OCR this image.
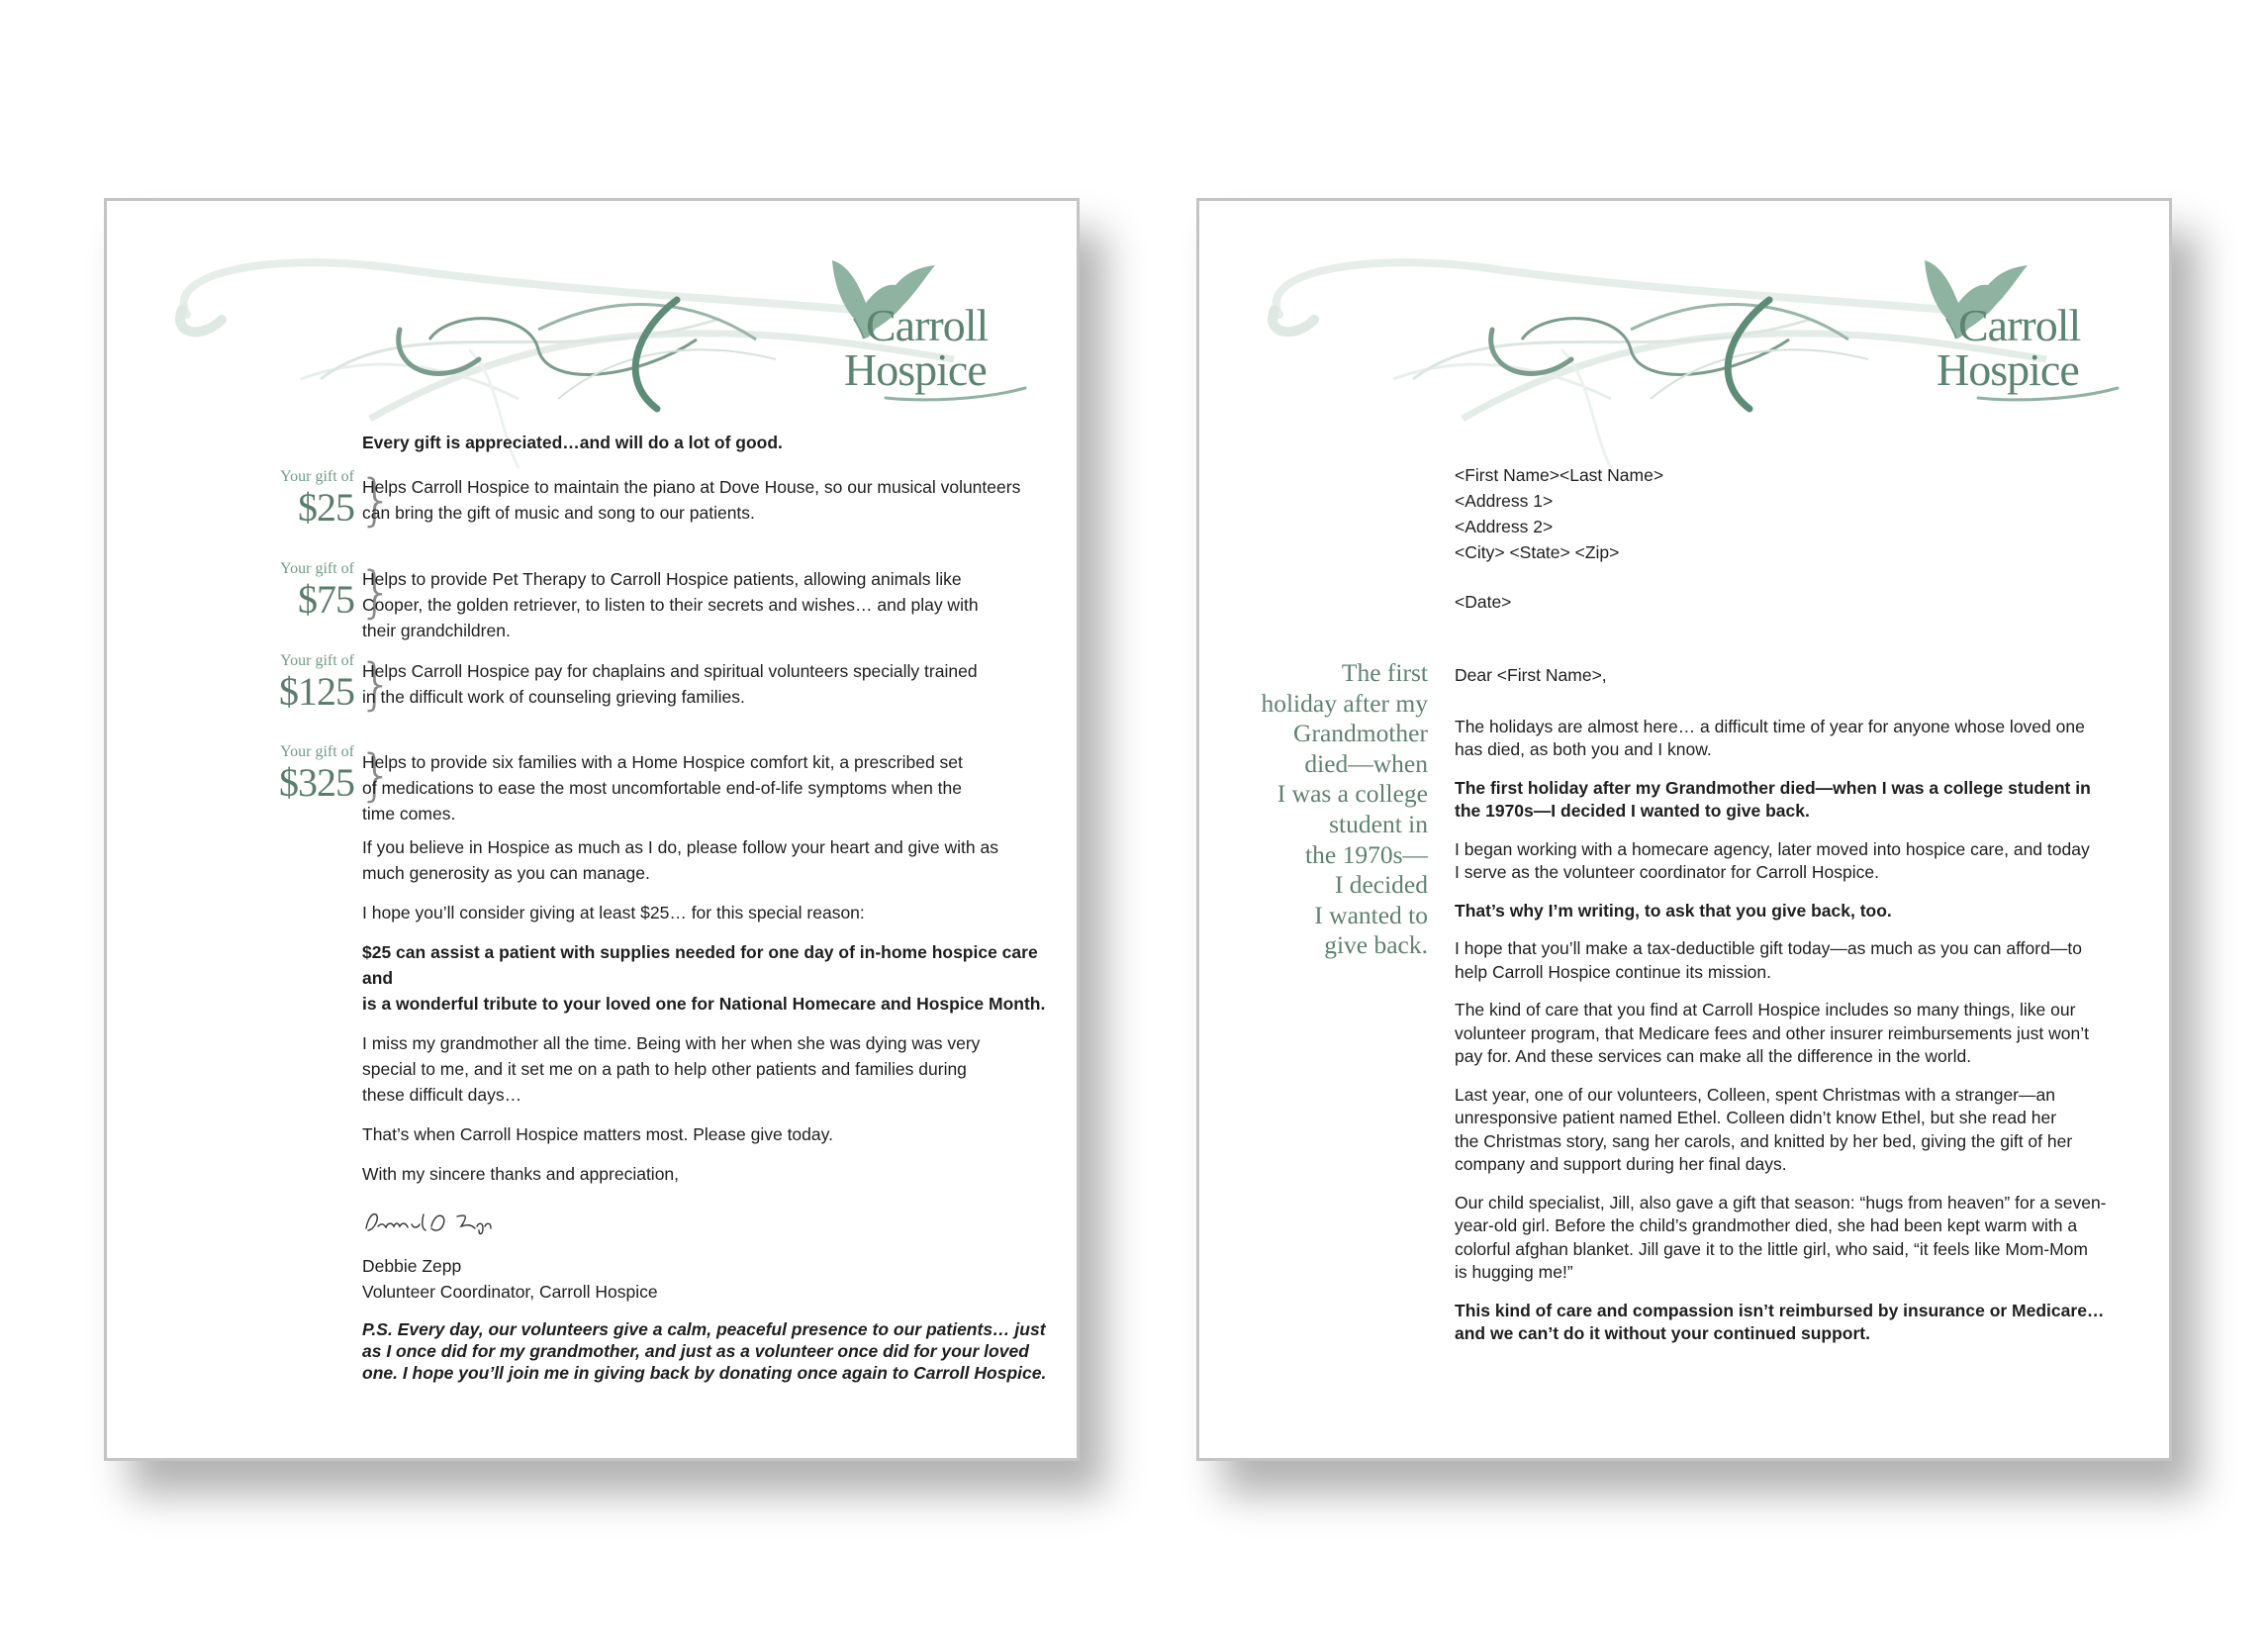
Carroll
Hospice
Every gift is appreciated…and will do a lot of good.
Your gift of
$25 }
Helps Carroll Hospice to maintain the piano at Dove House, so our musical volunteers
can bring the gift of music and song to our patients.
Your gift of
$75 }
Helps to provide Pet Therapy to Carroll Hospice patients, allowing animals like
Cooper, the golden retriever, to listen to their secrets and wishes… and play with
their grandchildren.
Your gift of
$125 }
Helps Carroll Hospice pay for chaplains and spiritual volunteers specially trained
in the difficult work of counseling grieving families.
Your gift of
$325 }
Helps to provide six families with a Home Hospice comfort kit, a prescribed set
of medications to ease the most uncomfortable end-of-life symptoms when the
time comes.

If you believe in Hospice as much as I do, please follow your heart and give with as
much generosity as you can manage.

I hope you’ll consider giving at least $25… for this special reason:

$25 can assist a patient with supplies needed for one day of in-home hospice care and
is a wonderful tribute to your loved one for National Homecare and Hospice Month.

I miss my grandmother all the time. Being with her when she was dying was very
special to me, and it set me on a path to help other patients and families during
these difficult days…

That’s when Carroll Hospice matters most. Please give today.

With my sincere thanks and appreciation,

Debbie Zepp
Volunteer Coordinator, Carroll Hospice

P.S. Every day, our volunteers give a calm, peaceful presence to our patients… just
as I once did for my grandmother, and just as a volunteer once did for your loved
one. I hope you’ll join me in giving back by donating once again to Carroll Hospice.

Carroll
Hospice
<First Name><Last Name>
<Address 1>
<Address 2>
<City> <State> <Zip>
<Date>
The first
holiday after my
Grandmother
died—when
I was a college
student in
the 1970s—
I decided
I wanted to
give back.

Dear <First Name>,

The holidays are almost here… a difficult time of year for anyone whose loved one
has died, as both you and I know.

The first holiday after my Grandmother died—when I was a college student in
the 1970s—I decided I wanted to give back.

I began working with a homecare agency, later moved into hospice care, and today
I serve as the volunteer coordinator for Carroll Hospice.

That’s why I’m writing, to ask that you give back, too.

I hope that you’ll make a tax-deductible gift today—as much as you can afford—to
help Carroll Hospice continue its mission.

The kind of care that you find at Carroll Hospice includes so many things, like our
volunteer program, that Medicare fees and other insurer reimbursements just won’t
pay for. And these services can make all the difference in the world.

Last year, one of our volunteers, Colleen, spent Christmas with a stranger—an
unresponsive patient named Ethel. Colleen didn’t know Ethel, but she read her
the Christmas story, sang her carols, and knitted by her bed, giving the gift of her
company and support during her final days.

Our child specialist, Jill, also gave a gift that season: “hugs from heaven” for a seven-
year-old girl. Before the child’s grandmother died, she had been kept warm with a
colorful afghan blanket. Jill gave it to the little girl, who said, “it feels like Mom-Mom
is hugging me!”

This kind of care and compassion isn’t reimbursed by insurance or Medicare…
and we can’t do it without your continued support.
